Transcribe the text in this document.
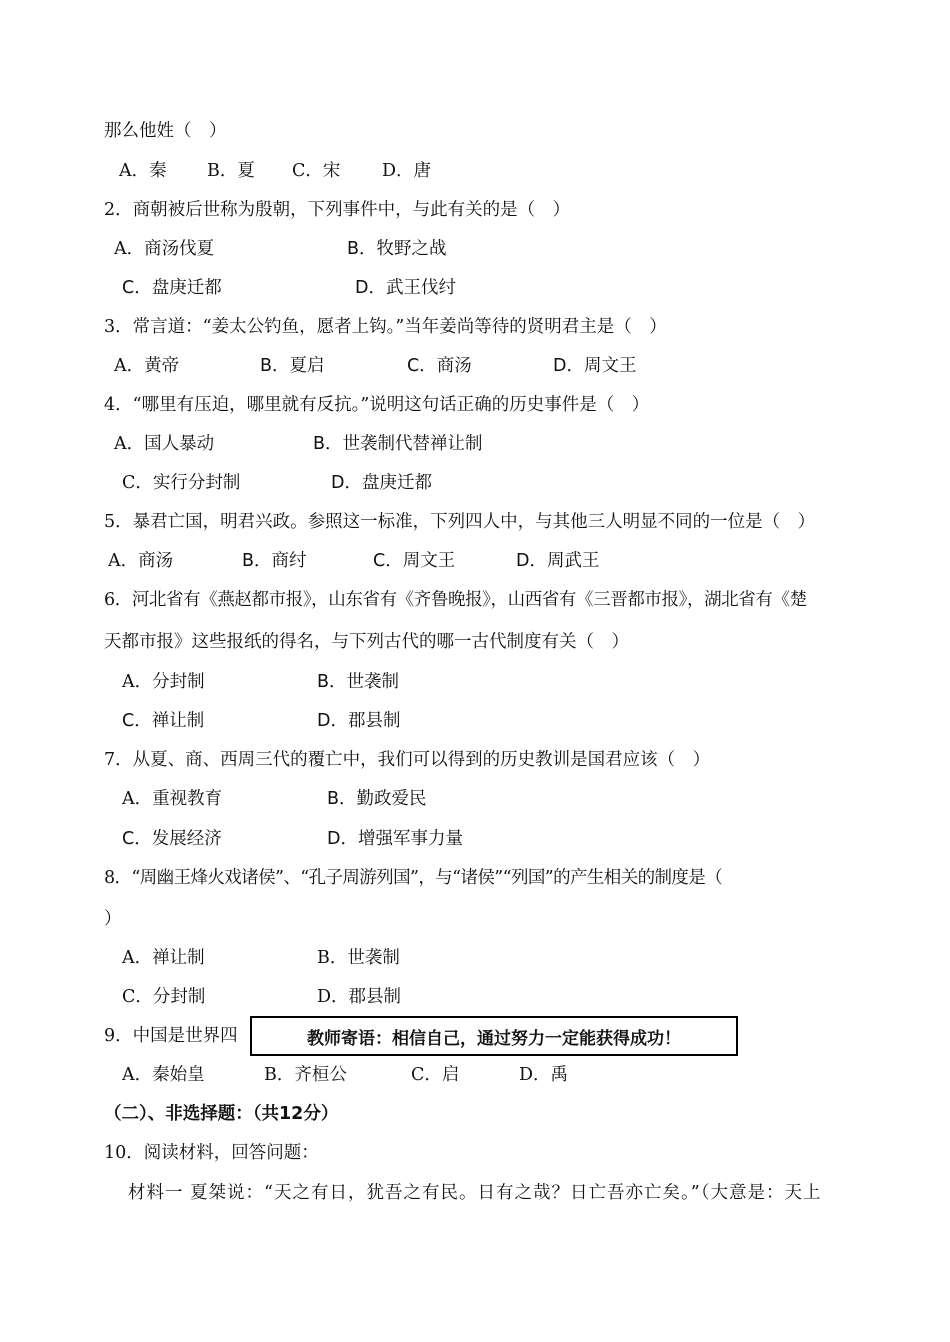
那么他姓（　）
A．秦 B．夏 C．宋 D．唐
2．商朝被后世称为殷朝，下列事件中，与此有关的是（　）
A．商汤伐夏	B．牧野之战
C．盘庚迁都	D．武王伐纣
3．常言道：“姜太公钓鱼，愿者上钩。”当年姜尚等待的贤明君主是（　）
A．黄帝	B．夏启	C．商汤	D．周文王
4．“哪里有压迫，哪里就有反抗。”说明这句话正确的历史事件是（　）
A．国人暴动	B．世袭制代替禅让制
C．实行分封制	D．盘庚迁都
5．暴君亡国，明君兴政。参照这一标准，下列四人中，与其他三人明显不同的一位是（　）
A．商汤	B．商纣	C．周文王	D．周武王
6．河北省有《燕赵都市报》，山东省有《齐鲁晚报》，山西省有《三晋都市报》，湖北省有《楚
天都市报》这些报纸的得名，与下列古代的哪一古代制度有关（　）
A．分封制	B．世袭制
C．禅让制	D．郡县制
7．从夏、商、西周三代的覆亡中，我们可以得到的历史教训是国君应该（　）
A．重视教育	B．勤政爱民
C．发展经济	D．增强军事力量
8．“周幽王烽火戏诸侯”、“孔子周游列国”，与“诸侯”“列国”的产生相关的制度是（
）
A．禅让制	B．世袭制
C．分封制	D．郡县制
9．中国是世界四	教师寄语：相信自己，通过努力一定能获得成功！
A．秦始皇	B．齐桓公	C．启	D．禹
（二）、非选择题：（共12分）
10．阅读材料，回答问题：
材料一 夏桀说：“天之有日，犹吾之有民。日有之哉？日亡吾亦亡矣。”（大意是：天上
